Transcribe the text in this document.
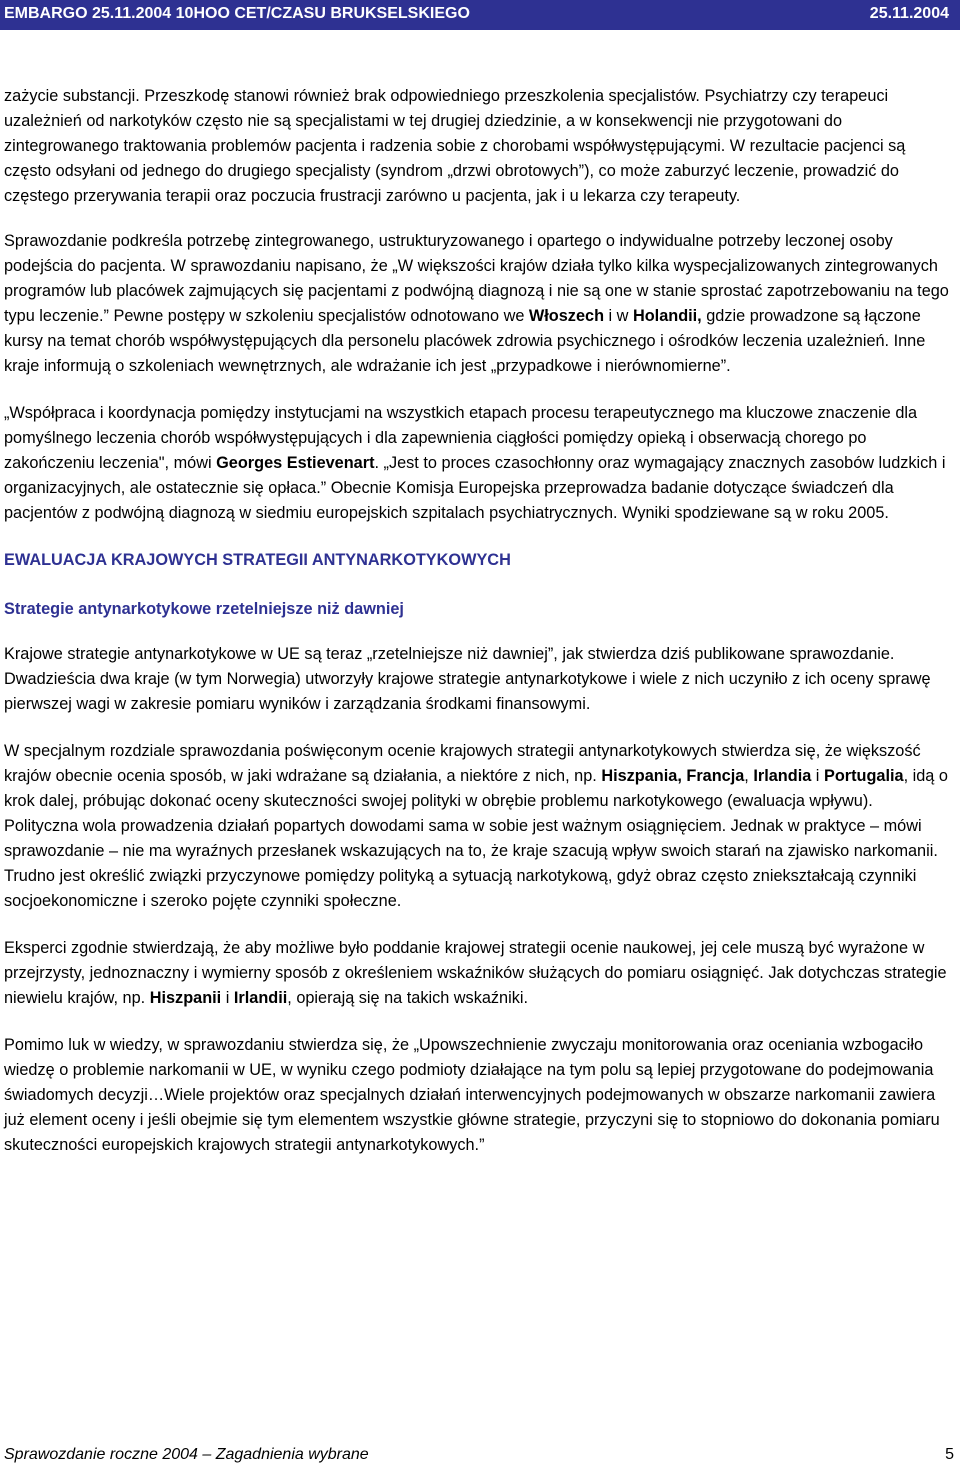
EMBARGO 25.11.2004 10HOO CET/CZASU BRUKSELSKIEGO	25.11.2004

zażycie substancji. Przeszkodę stanowi również brak odpowiedniego przeszkolenia specjalistów. Psychiatrzy czy terapeuci uzależnień od narkotyków często nie są specjalistami w tej drugiej dziedzinie, a w konsekwencji nie przygotowani do zintegrowanego traktowania problemów pacjenta i radzenia sobie z chorobami współwystępującymi. W rezultacie pacjenci są często odsyłani od jednego do drugiego specjalisty (syndrom „drzwi obrotowych”), co może zaburzyć leczenie, prowadzić do częstego przerywania terapii oraz poczucia frustracji zarówno u pacjenta, jak i u lekarza czy terapeuty.

Sprawozdanie podkreśla potrzebę zintegrowanego, ustrukturyzowanego i opartego o indywidualne potrzeby leczonej osoby podejścia do pacjenta. W sprawozdaniu napisano, że „W większości krajów działa tylko kilka wyspecjalizowanych zintegrowanych programów lub placówek zajmujących się pacjentami z podwójną diagnozą i nie są one w stanie sprostać zapotrzebowaniu na tego typu leczenie.” Pewne postępy w szkoleniu specjalistów odnotowano we Włoszech i w Holandii, gdzie prowadzone są łączone kursy na temat chorób współwystępujących dla personelu placówek zdrowia psychicznego i ośrodków leczenia uzależnień. Inne kraje informują o szkoleniach wewnętrznych, ale wdrażanie ich jest „przypadkowe i nierównomierne”.

„Współpraca i koordynacja pomiędzy instytucjami na wszystkich etapach procesu terapeutycznego ma kluczowe znaczenie dla pomyślnego leczenia chorób współwystępujących i dla zapewnienia ciągłości pomiędzy opieką i obserwacją chorego po zakończeniu leczenia", mówi Georges Estievenart. „Jest to proces czasochłonny oraz wymagający znacznych zasobów ludzkich i organizacyjnych, ale ostatecznie się opłaca.” Obecnie Komisja Europejska przeprowadza badanie dotyczące świadczeń dla pacjentów z podwójną diagnozą w siedmiu europejskich szpitalach psychiatrycznych. Wyniki spodziewane są w roku 2005.

EWALUACJA KRAJOWYCH STRATEGII ANTYNARKOTYKOWYCH
Strategie antynarkotykowe rzetelniejsze niż dawniej

Krajowe strategie antynarkotykowe w UE są teraz „rzetelniejsze niż dawniej”, jak stwierdza dziś publikowane sprawozdanie. Dwadzieścia dwa kraje (w tym Norwegia) utworzyły krajowe strategie antynarkotykowe i wiele z nich uczyniło z ich oceny sprawę pierwszej wagi w zakresie pomiaru wyników i zarządzania środkami finansowymi.

W specjalnym rozdziale sprawozdania poświęconym ocenie krajowych strategii antynarkotykowych stwierdza się, że większość krajów obecnie ocenia sposób, w jaki wdrażane są działania, a niektóre z nich, np. Hiszpania, Francja, Irlandia i Portugalia, idą o krok dalej, próbując dokonać oceny skuteczności swojej polityki w obrębie problemu narkotykowego (ewaluacja wpływu). Polityczna wola prowadzenia działań popartych dowodami sama w sobie jest ważnym osiągnięciem. Jednak w praktyce – mówi sprawozdanie – nie ma wyraźnych przesłanek wskazujących na to, że kraje szacują wpływ swoich starań na zjawisko narkomanii. Trudno jest określić związki przyczynowe pomiędzy polityką a sytuacją narkotykową, gdyż obraz często zniekształcają czynniki socjoekonomiczne i szeroko pojęte czynniki społeczne.

Eksperci zgodnie stwierdzają, że aby możliwe było poddanie krajowej strategii ocenie naukowej, jej cele muszą być wyrażone w przejrzysty, jednoznaczny i wymierny sposób z określeniem wskaźników służących do pomiaru osiągnięć. Jak dotychczas strategie niewielu krajów, np. Hiszpanii i Irlandii, opierają się na takich wskaźniki.

Pomimo luk w wiedzy, w sprawozdaniu stwierdza się, że „Upowszechnienie zwyczaju monitorowania oraz oceniania wzbogaciło wiedzę o problemie narkomanii w UE, w wyniku czego podmioty działające na tym polu są lepiej przygotowane do podejmowania świadomych decyzji…Wiele projektów oraz specjalnych działań interwencyjnych podejmowanych w obszarze narkomanii zawiera już element oceny i jeśli obejmie się tym elementem wszystkie główne strategie, przyczyni się to stopniowo do dokonania pomiaru skuteczności europejskich krajowych strategii antynarkotykowych.”

Sprawozdanie roczne 2004 – Zagadnienia wybrane	5
